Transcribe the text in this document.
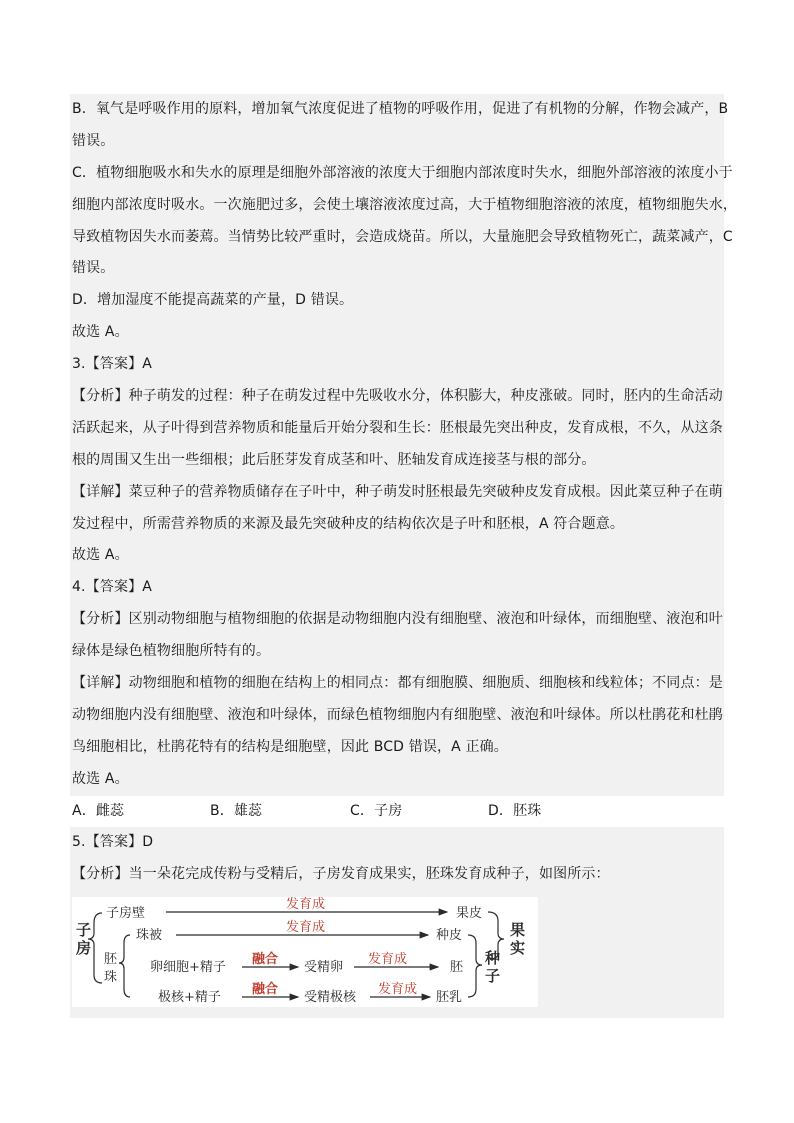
B．氧气是呼吸作用的原料，增加氧气浓度促进了植物的呼吸作用，促进了有机物的分解，作物会减产，B
错误。
C．植物细胞吸水和失水的原理是细胞外部溶液的浓度大于细胞内部浓度时失水，细胞外部溶液的浓度小于
细胞内部浓度时吸水。一次施肥过多，会使土壤溶液浓度过高，大于植物细胞溶液的浓度，植物细胞失水，
导致植物因失水而萎蔫。当情势比较严重时，会造成烧苗。所以，大量施肥会导致植物死亡，蔬菜减产，C
错误。
D．增加湿度不能提高蔬菜的产量，D 错误。
故选 A。
3.【答案】A
【分析】种子萌发的过程：种子在萌发过程中先吸收水分，体积膨大，种皮涨破。同时，胚内的生命活动
活跃起来，从子叶得到营养物质和能量后开始分裂和生长：胚根最先突出种皮，发育成根，不久，从这条
根的周围又生出一些细根；此后胚芽发育成茎和叶、胚轴发育成连接茎与根的部分。
【详解】菜豆种子的营养物质储存在子叶中，种子萌发时胚根最先突破种皮发育成根。因此菜豆种子在萌
发过程中，所需营养物质的来源及最先突破种皮的结构依次是子叶和胚根，A 符合题意。
故选 A。
4.【答案】A
【分析】区别动物细胞与植物细胞的依据是动物细胞内没有细胞壁、液泡和叶绿体，而细胞壁、液泡和叶
绿体是绿色植物细胞所特有的。
【详解】动物细胞和植物的细胞在结构上的相同点：都有细胞膜、细胞质、细胞核和线粒体；不同点：是
动物细胞内没有细胞壁、液泡和叶绿体，而绿色植物细胞内有细胞壁、液泡和叶绿体。所以杜鹃花和杜鹃
鸟细胞相比，杜鹃花特有的结构是细胞壁，因此 BCD 错误，A 正确。
故选 A。
A．雌蕊	B．雄蕊	C．子房	D．胚珠
5.【答案】D
【分析】当一朵花完成传粉与受精后，子房发育成果实，胚珠发育成种子，如图所示：
子
房
子房壁
发育成
果皮
胚
珠
珠被
发育成
种皮
卵细胞+精子
融合
受精卵
发育成
胚
极核+精子
融合
受精极核
发育成
胚乳
种
子
果
实
